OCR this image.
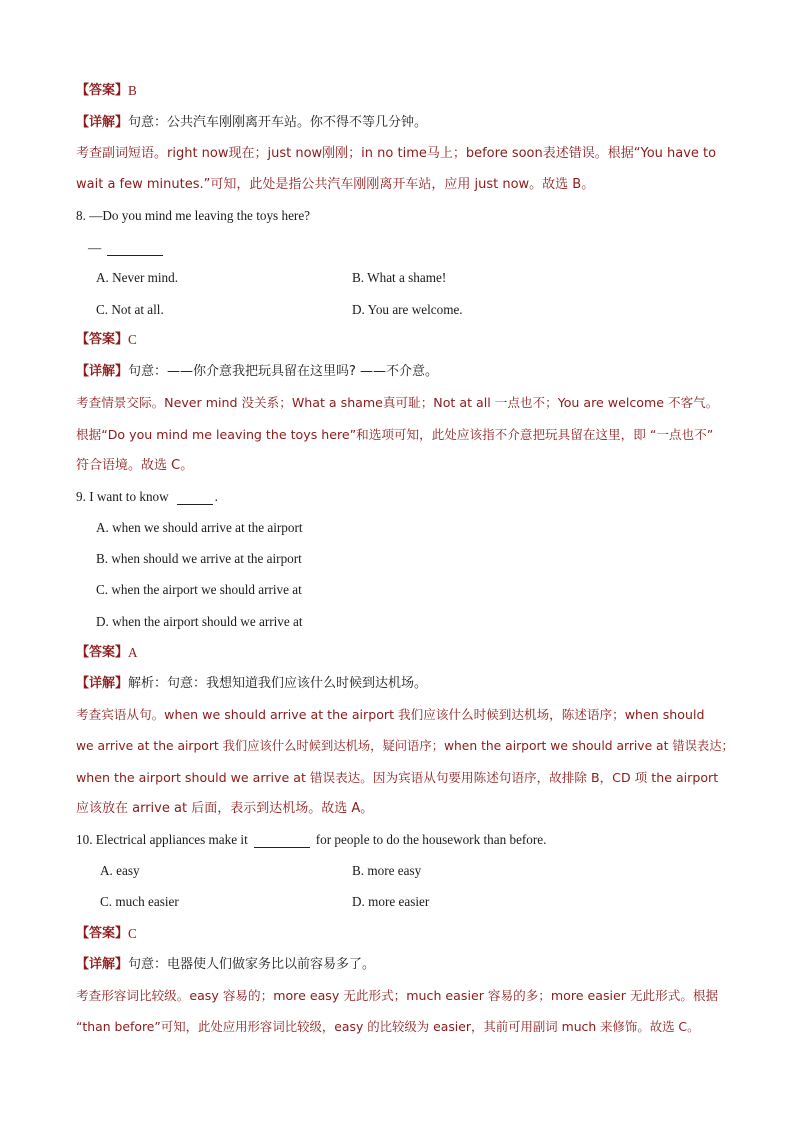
【答案】 B
【详解】 句意：公共汽车刚刚离开车站。你不得不等几分钟。
考查副词短语。right now现在；just now刚刚；in no time马上；before soon表述错误。根据“You have to
wait a few minutes.”可知，此处是指公共汽车刚刚离开车站，应用 just now。故选 B。
8. —Do you mind me leaving the toys here?
—
A. Never mind.	B. What a shame!
C. Not at all.	D. You are welcome.
【答案】 C
【详解】 句意：——你介意我把玩具留在这里吗? ——不介意。
考查情景交际。Never mind 没关系；What a shame真可耻；Not at all 一点也不；You are welcome 不客气。
根据“Do you mind me leaving the toys here”和选项可知，此处应该指不介意把玩具留在这里，即 “一点也不”
符合语境。故选 C。
9. I want to know	.
A. when we should arrive at the airport
B. when should we arrive at the airport
C. when the airport we should arrive at
D. when the airport should we arrive at
【答案】 A
【详解】 解析：句意：我想知道我们应该什么时候到达机场。
考查宾语从句。when we should arrive at the airport 我们应该什么时候到达机场，陈述语序；when should
we arrive at the airport 我们应该什么时候到达机场，疑问语序；when the airport we should arrive at 错误表达；
when the airport should we arrive at 错误表达。因为宾语从句要用陈述句语序，故排除 B，CD 项 the airport
应该放在 arrive at 后面，表示到达机场。故选 A。
10. Electrical appliances make it	for people to do the housework than before.
A. easy	B. more easy
C. much easier	D. more easier
【答案】 C
【详解】 句意：电器使人们做家务比以前容易多了。
考查形容词比较级。easy 容易的；more easy 无此形式；much easier 容易的多；more easier 无此形式。根据
“than before”可知，此处应用形容词比较级，easy 的比较级为 easier，其前可用副词 much 来修饰。故选 C。
